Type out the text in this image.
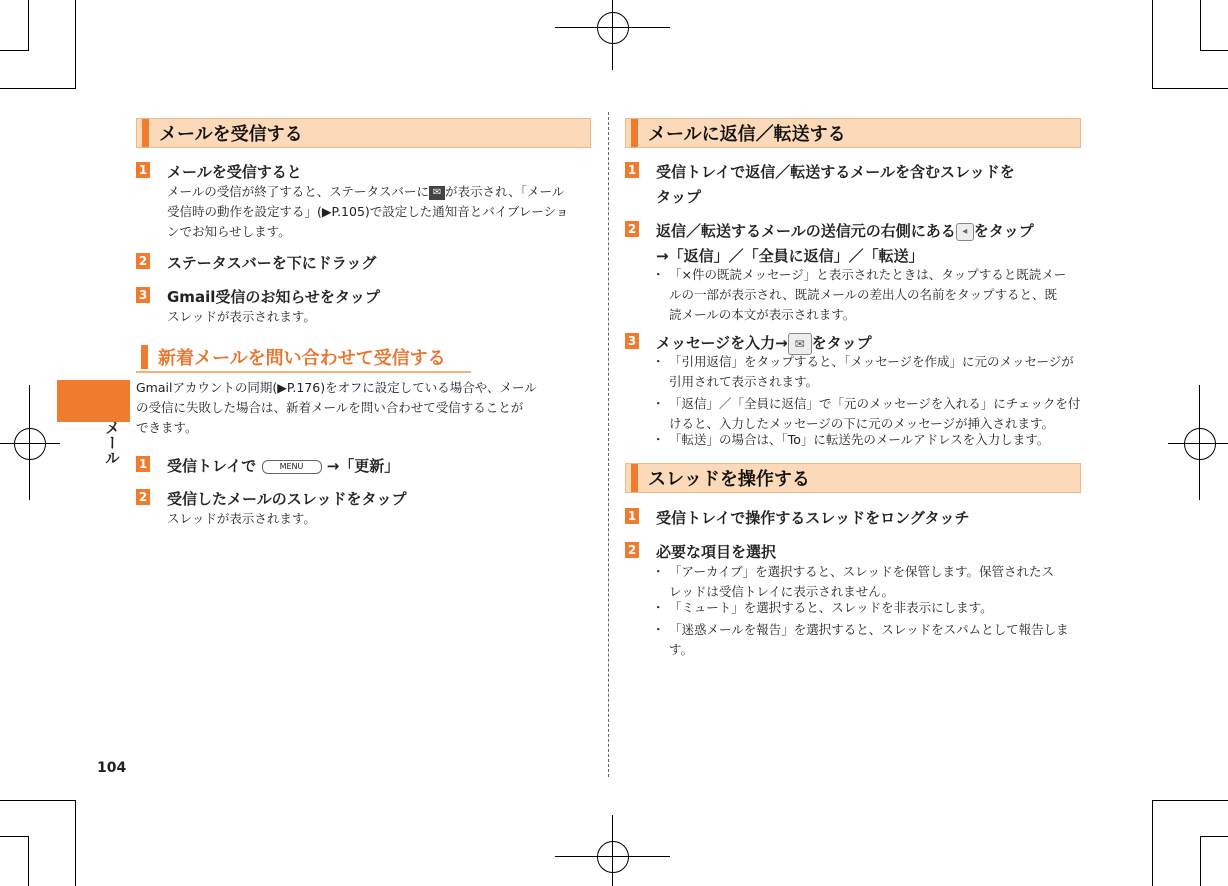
メール
104
メールを受信する
1 メールを受信すると
メールの受信が終了すると、ステータスバーに ✉ が表示され、「メール
受信時の動作を設定する」(▶P.105)で設定した通知音とバイブレーショ
ンでお知らせします。
2 ステータスバーを下にドラッグ
3 Gmail受信のお知らせをタップ
スレッドが表示されます。
新着メールを問い合わせて受信する
Gmailアカウントの同期(▶P.176)をオフに設定している場合や、メール
の受信に失敗した場合は、新着メールを問い合わせて受信することが
できます。
1 受信トレイで	MENU →「更新」
2 受信したメールのスレッドをタップ
スレッドが表示されます。
メールに返信／転送する
1 受信トレイで返信／転送するメールを含むスレッドを
タップ
2 返信／転送するメールの送信元の右側にある ◂ をタップ
→「返信」／「全員に返信」／「転送」
・ 「×件の既読メッセージ」と表示されたときは、タップすると既読メー
ルの一部が表示され、既読メールの差出人の名前をタップすると、既
読メールの本文が表示されます。
3 メッセージを入力→ ✉ をタップ
・ 「引用返信」をタップすると、「メッセージを作成」に元のメッセージが
引用されて表示されます。
・ 「返信」／「全員に返信」で「元のメッセージを入れる」にチェックを付
けると、入力したメッセージの下に元のメッセージが挿入されます。
・ 「転送」の場合は、「To」に転送先のメールアドレスを入力します。
スレッドを操作する
1 受信トレイで操作するスレッドをロングタッチ
2 必要な項目を選択
・ 「アーカイブ」を選択すると、スレッドを保管します。保管されたス
レッドは受信トレイに表示されません。
・ 「ミュート」を選択すると、スレッドを非表示にします。
・ 「迷惑メールを報告」を選択すると、スレッドをスパムとして報告しま
す。
